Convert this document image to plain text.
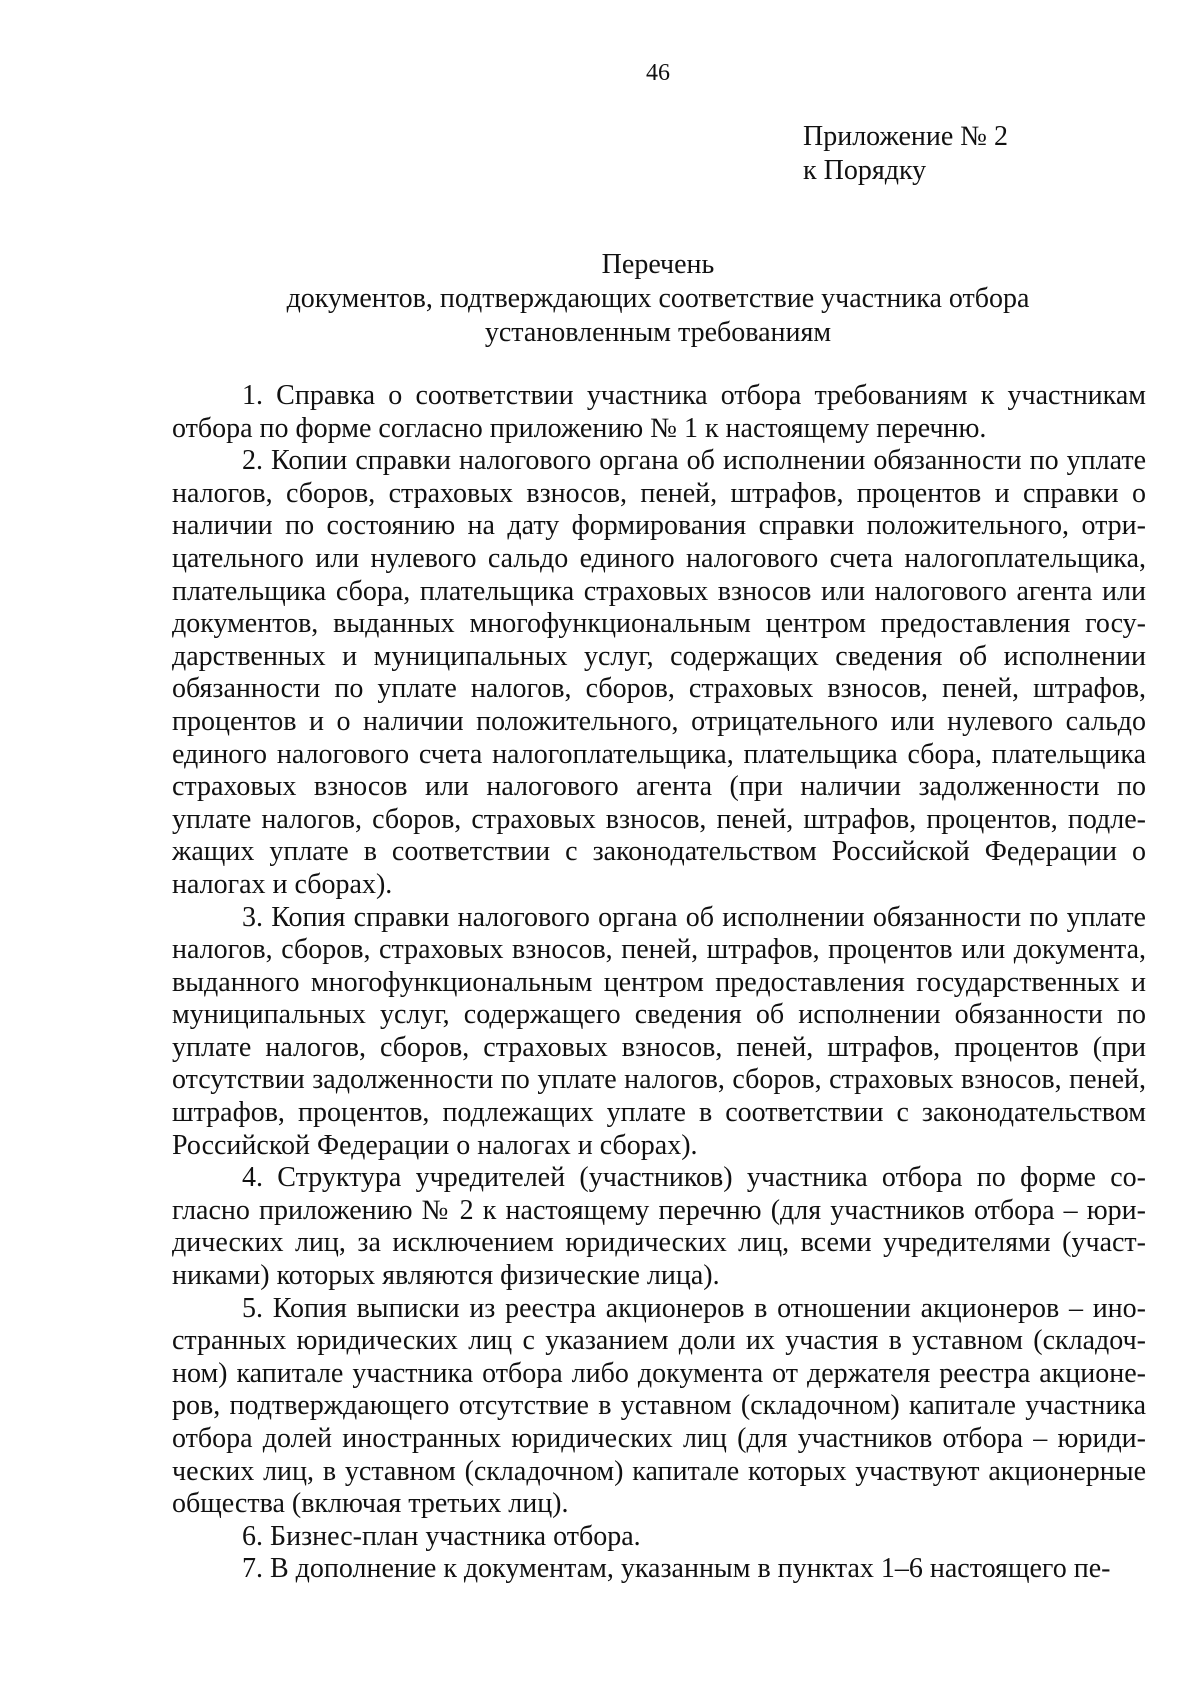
46
Приложение № 2
к Порядку
Перечень
документов, подтверждающих соответствие участника отбора
установленным требованиям

1. Справка о соответствии участника отбора требованиям к участникам отбора по форме согласно приложению № 1 к настоящему перечню.

2. Копии справки налогового органа об исполнении обязанности по уплате налогов, сборов, страховых взносов, пеней, штрафов, процентов и справки о наличии по состоянию на дату формирования справки положительного, отрицательного или нулевого сальдо единого налогового счета налогоплательщика, плательщика сбора, плательщика страховых взносов или налогового агента или документов, выданных многофункциональным центром предоставления государственных и муниципальных услуг, содержащих сведения об исполнении обязанности по уплате налогов, сборов, страховых взносов, пеней, штрафов, процентов и о наличии положительного, отрицательного или нулевого сальдо единого налогового счета налогоплательщика, плательщика сбора, плательщика страховых взносов или налогового агента (при наличии задолженности по уплате налогов, сборов, страховых взносов, пеней, штрафов, процентов, подлежащих уплате в соответствии с законодательством Российской Федерации о налогах и сборах).

3. Копия справки налогового органа об исполнении обязанности по уплате налогов, сборов, страховых взносов, пеней, штрафов, процентов или документа, выданного многофункциональным центром предоставления государственных и муниципальных услуг, содержащего сведения об исполнении обязанности по уплате налогов, сборов, страховых взносов, пеней, штрафов, процентов (при отсутствии задолженности по уплате налогов, сборов, страховых взносов, пеней, штрафов, процентов, подлежащих уплате в соответствии с законодательством Российской Федерации о налогах и сборах).

4. Структура учредителей (участников) участника отбора по форме согласно приложению № 2 к настоящему перечню (для участников отбора – юридических лиц, за исключением юридических лиц, всеми учредителями (участниками) которых являются физические лица).

5. Копия выписки из реестра акционеров в отношении акционеров – иностранных юридических лиц с указанием доли их участия в уставном (складочном) капитале участника отбора либо документа от держателя реестра акционеров, подтверждающего отсутствие в уставном (складочном) капитале участника отбора долей иностранных юридических лиц (для участников отбора – юридических лиц, в уставном (складочном) капитале которых участвуют акционерные общества (включая третьих лиц).

6. Бизнес-план участника отбора.

7. В дополнение к документам, указанным в пунктах 1–6 настоящего пе-
